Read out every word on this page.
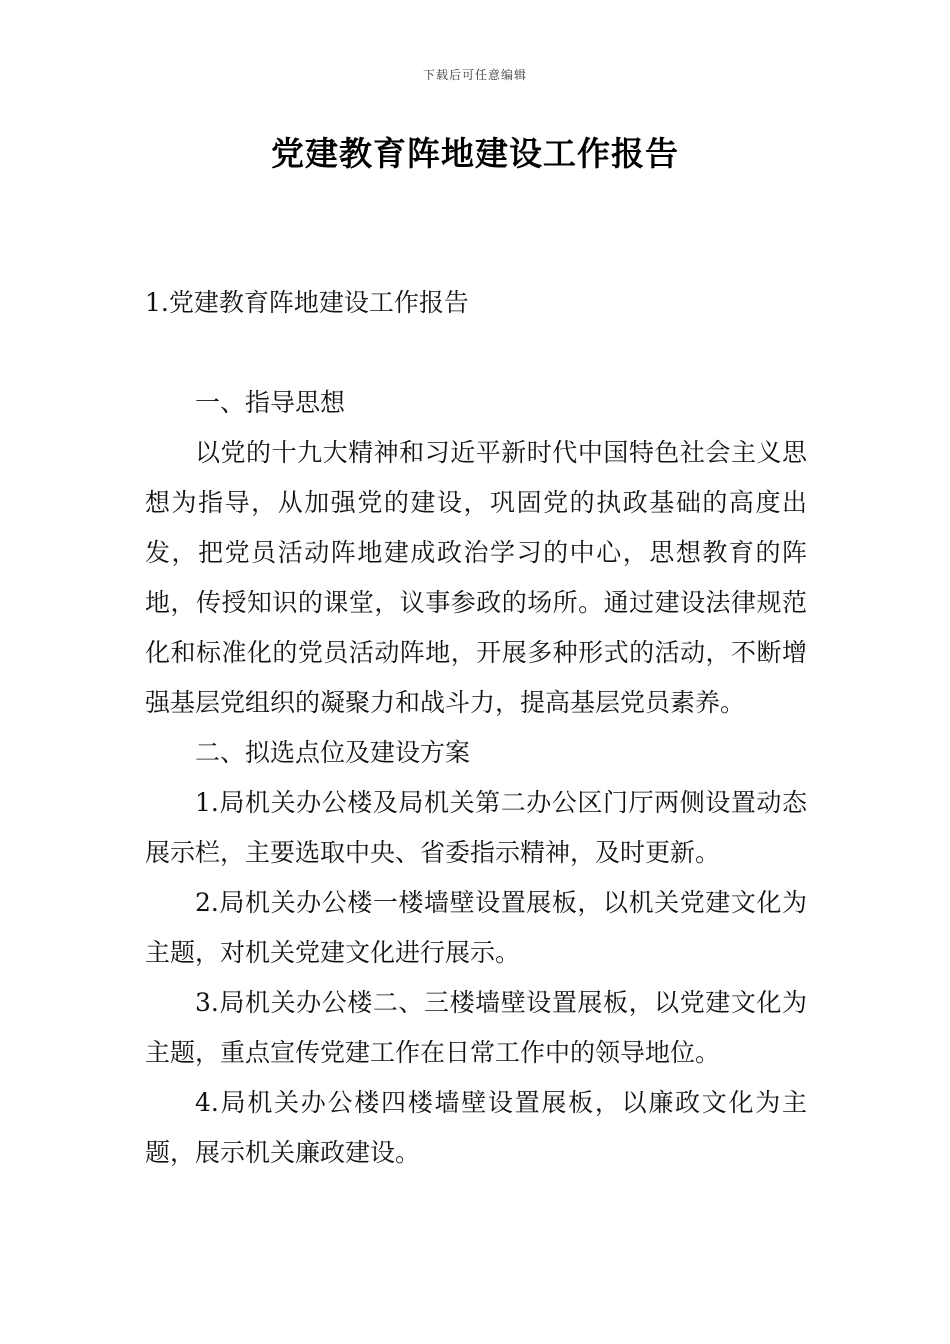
下载后可任意编辑
党建教育阵地建设工作报告

1.党建教育阵地建设工作报告

一、指导思想

以党的十九大精神和习近平新时代中国特色社会主义思想为指导，从加强党的建设，巩固党的执政基础的高度出发，把党员活动阵地建成政治学习的中心，思想教育的阵地，传授知识的课堂，议事参政的场所。通过建设法律规范化和标准化的党员活动阵地，开展多种形式的活动，不断增强基层党组织的凝聚力和战斗力，提高基层党员素养。

二、拟选点位及建设方案

1.局机关办公楼及局机关第二办公区门厅两侧设置动态展示栏，主要选取中央、省委指示精神，及时更新。

2.局机关办公楼一楼墙壁设置展板，以机关党建文化为主题，对机关党建文化进行展示。

3.局机关办公楼二、三楼墙壁设置展板，以党建文化为主题，重点宣传党建工作在日常工作中的领导地位。

4.局机关办公楼四楼墙壁设置展板，以廉政文化为主题，展示机关廉政建设。
